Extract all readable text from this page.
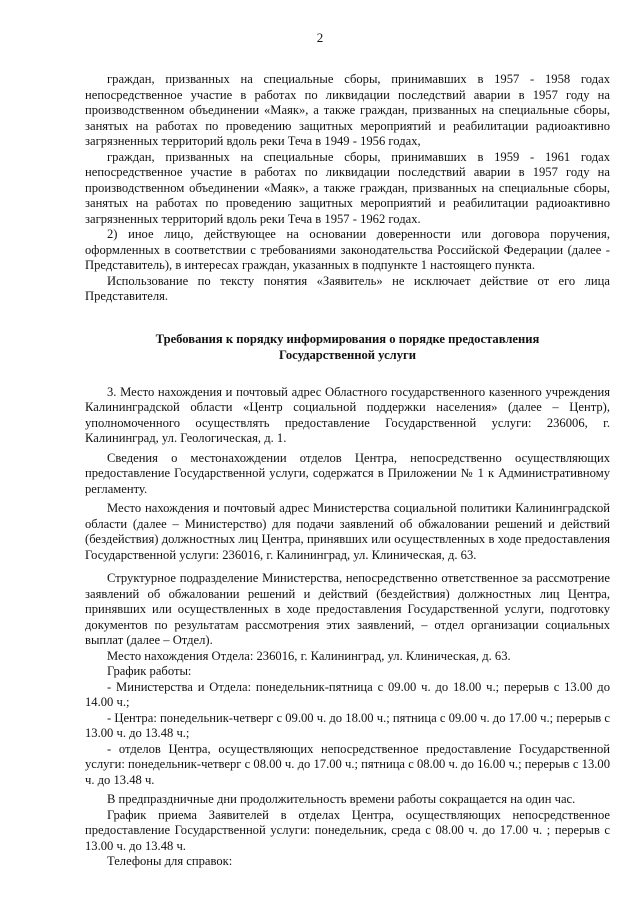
2

граждан, призванных на специальные сборы, принимавших в 1957 - 1958 годах непосредственное участие в работах по ликвидации последствий аварии в 1957 году на производственном объединении «Маяк», а также граждан, призванных на специальные сборы, занятых на работах по проведению защитных мероприятий и реабилитации радиоактивно загрязненных территорий вдоль реки Теча в 1949 - 1956 годах,

граждан, призванных на специальные сборы, принимавших в 1959 - 1961 годах непосредственное участие в работах по ликвидации последствий аварии в 1957 году на производственном объединении «Маяк», а также граждан, призванных на специальные сборы, занятых на работах по проведению защитных мероприятий и реабилитации радиоактивно загрязненных территорий вдоль реки Теча в 1957 - 1962 годах.

2) иное лицо, действующее на основании доверенности или договора поручения, оформленных в соответствии с требованиями законодательства Российской Федерации (далее - Представитель), в интересах граждан, указанных в подпункте 1 настоящего пункта.

Использование по тексту понятия «Заявитель» не исключает действие от его лица Представителя.

Требования к порядку информирования о порядке предоставления
Государственной услуги

3. Место нахождения и почтовый адрес Областного государственного казенного учреждения Калининградской области «Центр социальной поддержки населения» (далее – Центр), уполномоченного осуществлять предоставление Государственной услуги: 236006, г. Калининград, ул. Геологическая, д. 1.

Сведения о местонахождении отделов Центра, непосредственно осуществляющих предоставление Государственной услуги, содержатся в Приложении № 1 к Административному регламенту.

Место нахождения и почтовый адрес Министерства социальной политики Калининградской области (далее – Министерство) для подачи заявлений об обжаловании решений и действий (бездействия) должностных лиц Центра, принявших или осуществленных в ходе предоставления Государственной услуги: 236016, г. Калининград, ул. Клиническая, д. 63.

Структурное подразделение Министерства, непосредственно ответственное за рассмотрение заявлений об обжаловании решений и действий (бездействия) должностных лиц Центра, принявших или осуществленных в ходе предоставления Государственной услуги, подготовку документов по результатам рассмотрения этих заявлений, – отдел организации социальных выплат (далее – Отдел).

Место нахождения Отдела: 236016, г. Калининград, ул. Клиническая, д. 63.

График работы:

- Министерства и Отдела: понедельник-пятница с 09.00 ч. до 18.00 ч.; перерыв с 13.00 до 14.00 ч.;

- Центра: понедельник-четверг с 09.00 ч. до 18.00 ч.; пятница с 09.00 ч. до 17.00 ч.; перерыв с 13.00 ч. до 13.48 ч.;

- отделов Центра, осуществляющих непосредственное предоставление Государственной услуги: понедельник-четверг с 08.00 ч. до 17.00 ч.; пятница с 08.00 ч. до 16.00 ч.; перерыв с 13.00 ч. до 13.48 ч.

В предпраздничные дни продолжительность времени работы сокращается на один час.

График приема Заявителей в отделах Центра, осуществляющих непосредственное предоставление Государственной услуги: понедельник, среда с 08.00 ч. до 17.00 ч. ; перерыв с 13.00 ч. до 13.48 ч.

Телефоны для справок:
